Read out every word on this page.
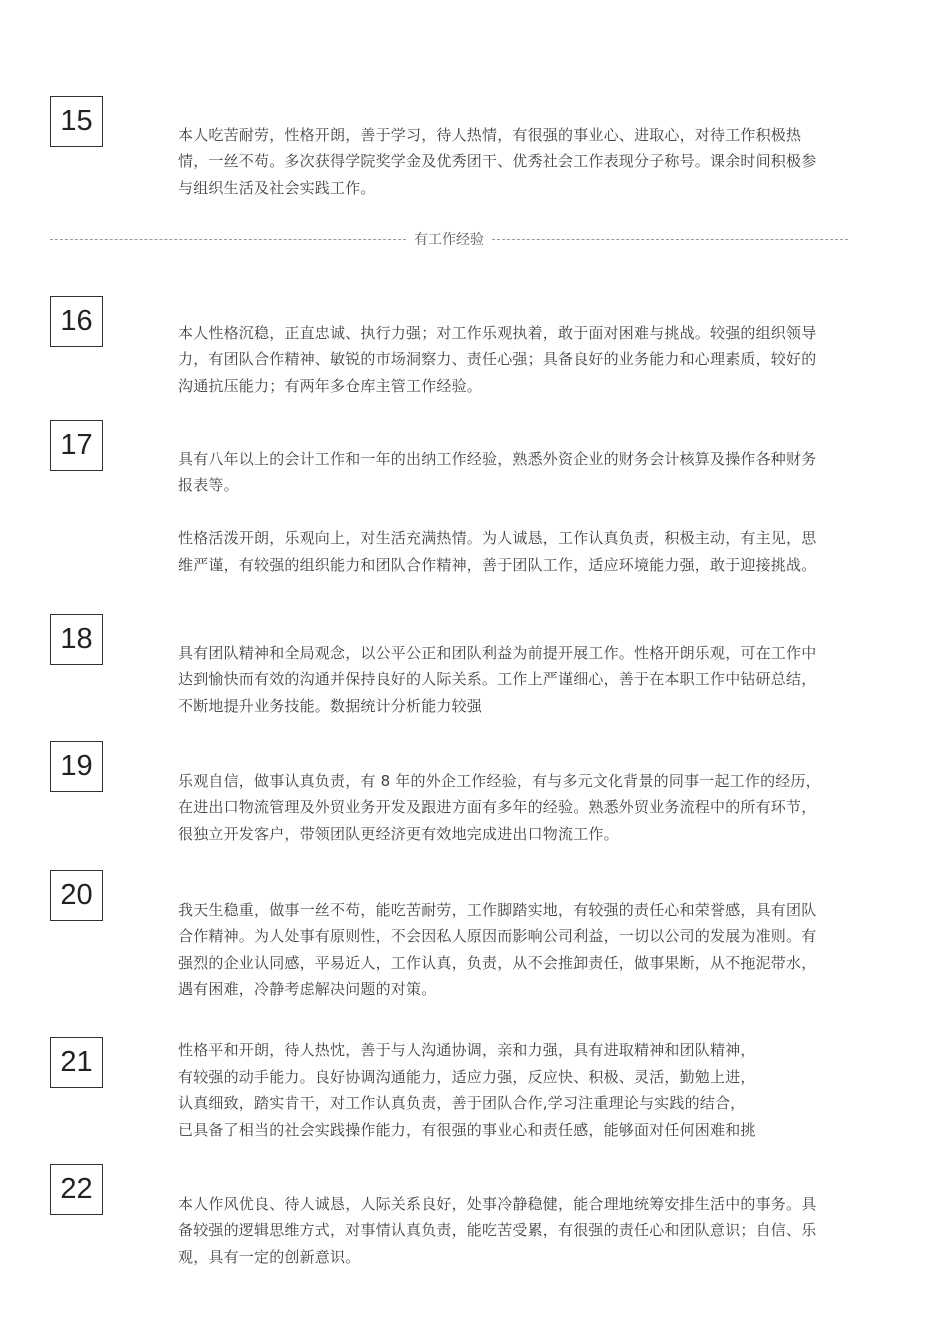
15	本人吃苦耐劳，性格开朗，善于学习，待人热情，有很强的事业心、进取心，对待工作积极热情，一丝不苟。多次获得学院奖学金及优秀团干、优秀社会工作表现分子称号。课余时间积极参与组织生活及社会实践工作。

有工作经验
16	本人性格沉稳，正直忠诚、执行力强；对工作乐观执着，敢于面对困难与挑战。较强的组织领导力，有团队合作精神、敏锐的市场洞察力、责任心强；具备良好的业务能力和心理素质，较好的沟通抗压能力；有两年多仓库主管工作经验。

17	具有八年以上的会计工作和一年的出纳工作经验，熟悉外资企业的财务会计核算及操作各种财务报表等。

性格活泼开朗，乐观向上，对生活充满热情。为人诚恳，工作认真负责，积极主动，有主见，思维严谨，有较强的组织能力和团队合作精神，善于团队工作，适应环境能力强，敢于迎接挑战。

18	具有团队精神和全局观念，以公平公正和团队利益为前提开展工作。性格开朗乐观，可在工作中达到愉快而有效的沟通并保持良好的人际关系。工作上严谨细心，善于在本职工作中钻研总结，不断地提升业务技能。数据统计分析能力较强

19	乐观自信，做事认真负责，有 8 年的外企工作经验，有与多元文化背景的同事一起工作的经历，在进出口物流管理及外贸业务开发及跟进方面有多年的经验。熟悉外贸业务流程中的所有环节，很独立开发客户，带领团队更经济更有效地完成进出口物流工作。

20	我天生稳重，做事一丝不苟，能吃苦耐劳，工作脚踏实地，有较强的责任心和荣誉感，具有团队合作精神。为人处事有原则性，不会因私人原因而影响公司利益，一切以公司的发展为准则。有强烈的企业认同感，平易近人，工作认真，负责，从不会推卸责任，做事果断，从不拖泥带水，遇有困难，冷静考虑解决问题的对策。

21	性格平和开朗，待人热忱，善于与人沟通协调，亲和力强，具有进取精神和团队精神，
有较强的动手能力。良好协调沟通能力，适应力强，反应快、积极、灵活，勤勉上进，
认真细致，踏实肯干，对工作认真负责，善于团队合作,学习注重理论与实践的结合，
已具备了相当的社会实践操作能力，有很强的事业心和责任感，能够面对任何困难和挑
22	本人作风优良、待人诚恳，人际关系良好，处事冷静稳健，能合理地统筹安排生活中的事务。具备较强的逻辑思维方式，对事情认真负责，能吃苦受累，有很强的责任心和团队意识；自信、乐观，具有一定的创新意识。
